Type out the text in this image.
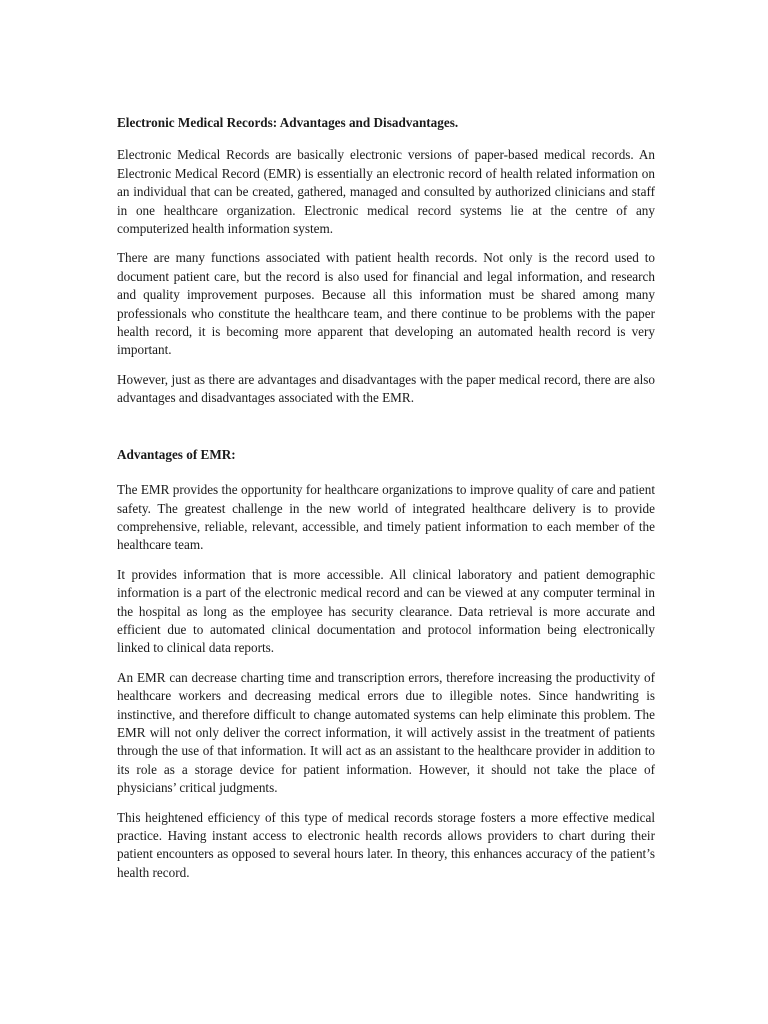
Electronic Medical Records: Advantages and Disadvantages.

Electronic Medical Records are basically electronic versions of paper-based medical records. An Electronic Medical Record (EMR) is essentially an electronic record of health related information on an individual that can be created, gathered, managed and consulted by authorized clinicians and staff in one healthcare organization. Electronic medical record systems lie at the centre of any computerized health information system.

There are many functions associated with patient health records. Not only is the record used to document patient care, but the record is also used for financial and legal information, and research and quality improvement purposes. Because all this information must be shared among many professionals who constitute the healthcare team, and there continue to be problems with the paper health record, it is becoming more apparent that developing an automated health record is very important.

However, just as there are advantages and disadvantages with the paper medical record, there are also advantages and disadvantages associated with the EMR.

Advantages of EMR:

The EMR provides the opportunity for healthcare organizations to improve quality of care and patient safety. The greatest challenge in the new world of integrated healthcare delivery is to provide comprehensive, reliable, relevant, accessible, and timely patient information to each member of the healthcare team.

It provides information that is more accessible. All clinical laboratory and patient demographic information is a part of the electronic medical record and can be viewed at any computer terminal in the hospital as long as the employee has security clearance. Data retrieval is more accurate and efficient due to automated clinical documentation and protocol information being electronically linked to clinical data reports.

An EMR can decrease charting time and transcription errors, therefore increasing the productivity of healthcare workers and decreasing medical errors due to illegible notes. Since handwriting is instinctive, and therefore difficult to change automated systems can help eliminate this problem. The EMR will not only deliver the correct information, it will actively assist in the treatment of patients through the use of that information. It will act as an assistant to the healthcare provider in addition to its role as a storage device for patient information. However, it should not take the place of physicians’ critical judgments.

This heightened efficiency of this type of medical records storage fosters a more effective medical practice. Having instant access to electronic health records allows providers to chart during their patient encounters as opposed to several hours later. In theory, this enhances accuracy of the patient’s health record.
